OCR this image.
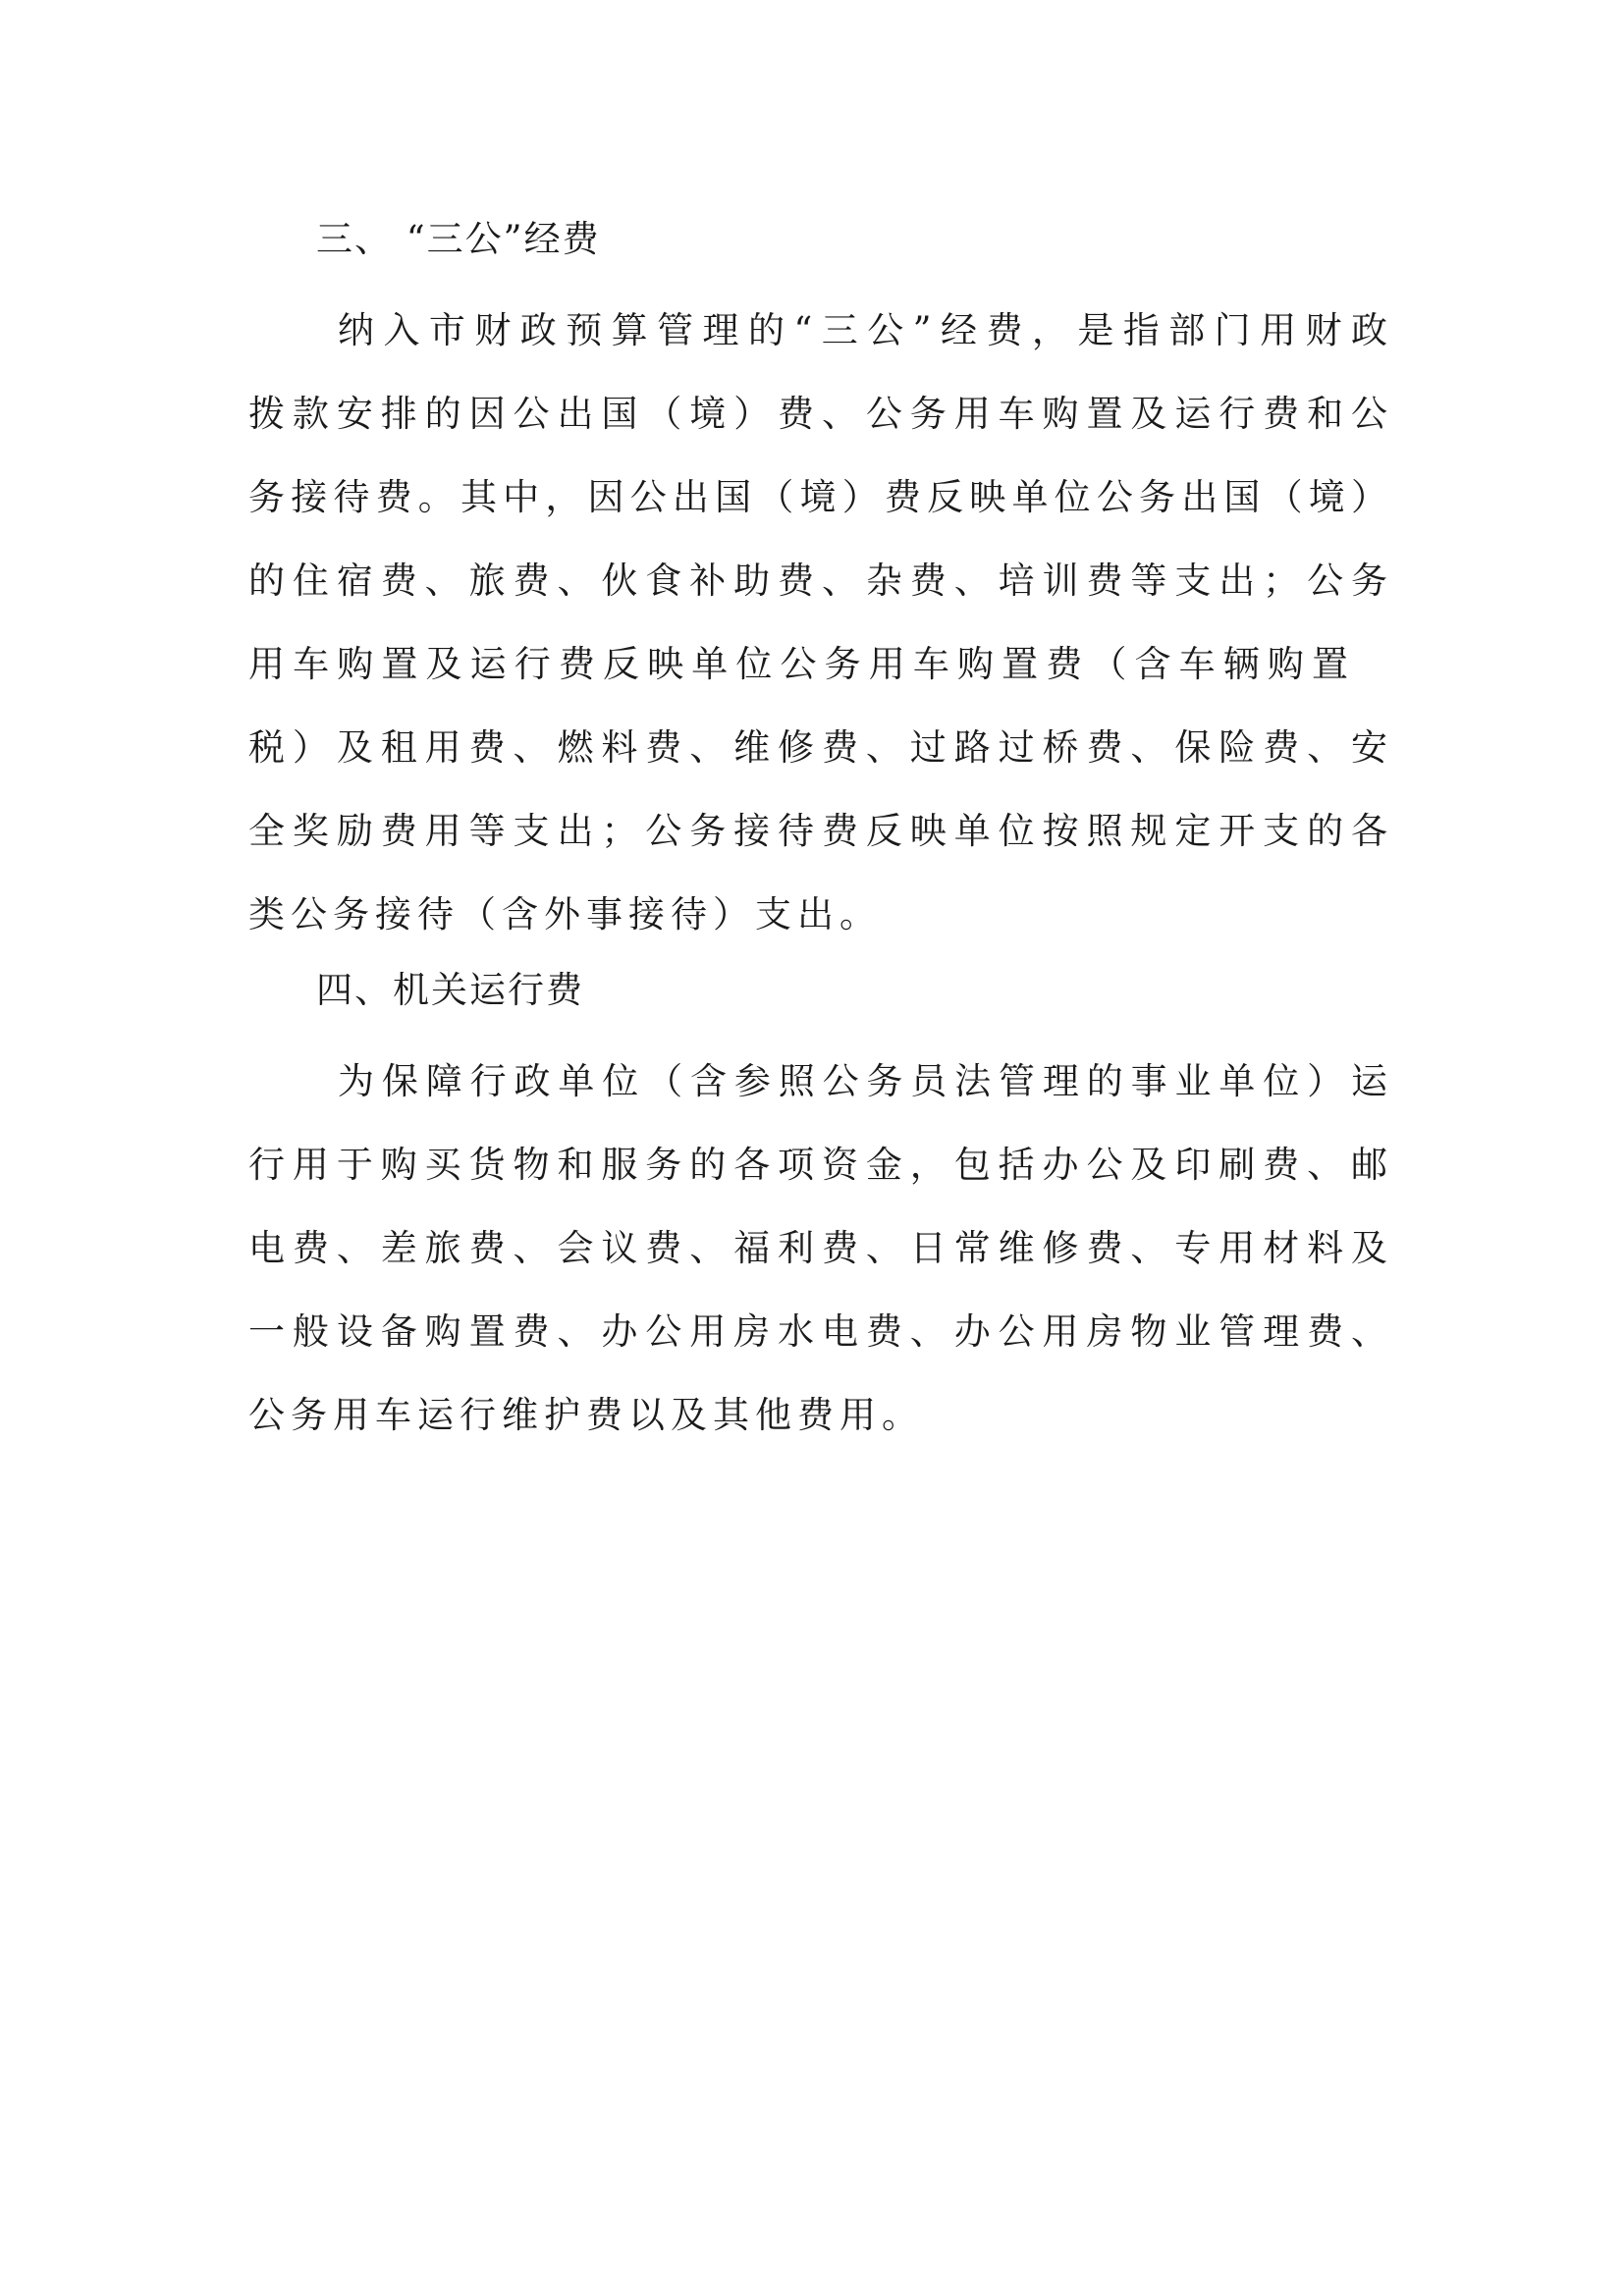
三、 “三公”经费
纳入市财政预算管理的“三公”经费，是指部门用财政
拨款安排的因公出国（境）费、公务用车购置及运行费和公
务接待费。其中，因公出国（境）费反映单位公务出国（境）
的住宿费、旅费、伙食补助费、杂费、培训费等支出；公务
用车购置及运行费反映单位公务用车购置费（含车辆购置
税）及租用费、燃料费、维修费、过路过桥费、保险费、安
全奖励费用等支出；公务接待费反映单位按照规定开支的各
类公务接待（含外事接待）支出。
四、机关运行费
为保障行政单位（含参照公务员法管理的事业单位）运
行用于购买货物和服务的各项资金，包括办公及印刷费、邮
电费、差旅费、会议费、福利费、日常维修费、专用材料及
一般设备购置费、办公用房水电费、办公用房物业管理费、
公务用车运行维护费以及其他费用。
